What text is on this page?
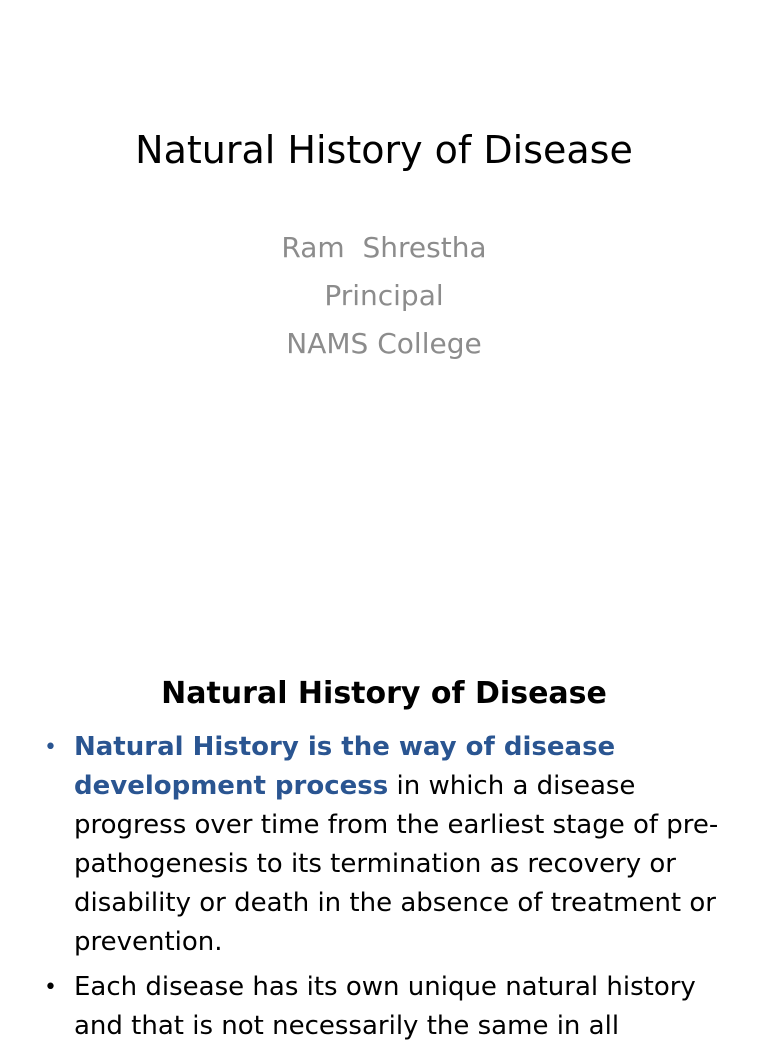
Natural History of Disease
Ram  Shrestha
Principal
NAMS College
Natural History of Disease
• Natural History is the way of disease development process in which a disease progress over time from the earliest stage of pre-pathogenesis to its termination as recovery or disability or death in the absence of treatment or prevention.
• Each disease has its own unique natural history and that is not necessarily the same in all
